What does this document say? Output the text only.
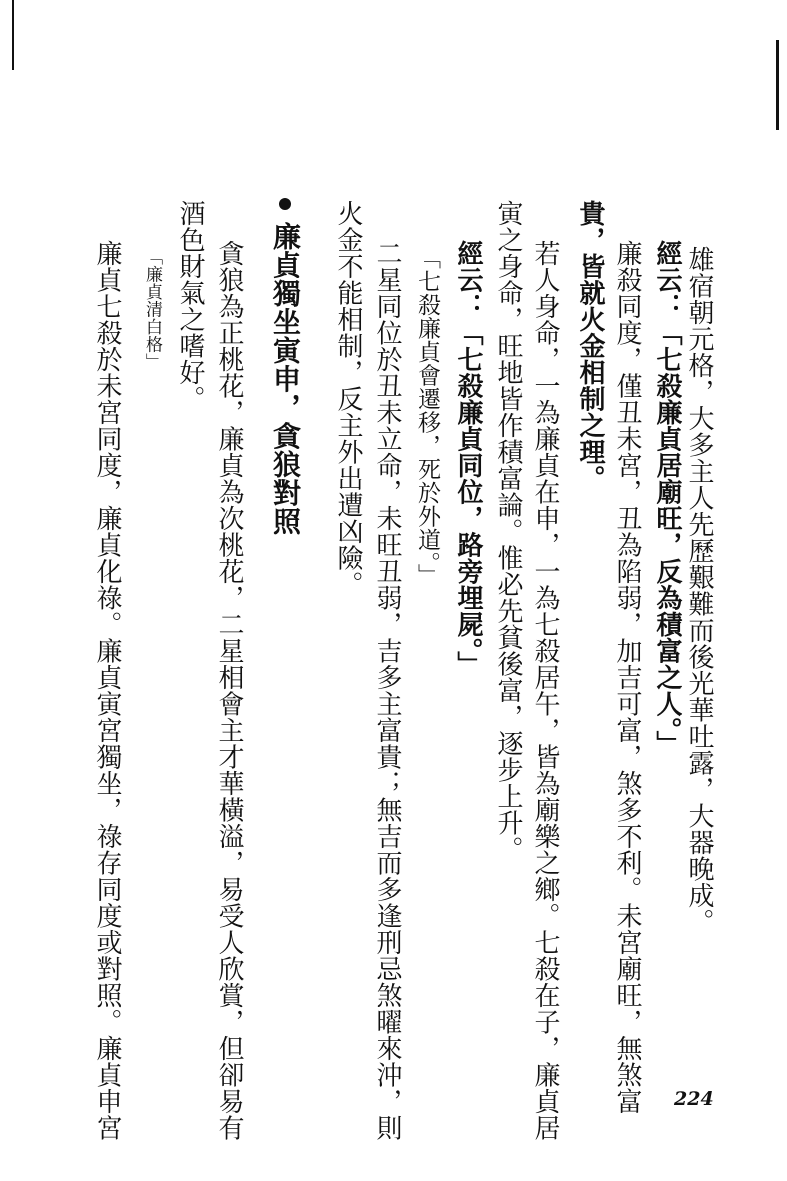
雄宿朝元格，大多主人先歷艱難而後光華吐露，大器晚成。
經云：「七殺廉貞居廟旺，反為積富之人。」
廉殺同度，僅丑未宮，丑為陷弱，加吉可富，煞多不利。未宮廟旺，無煞富
貴，皆就火金相制之理。
若人身命，一為廉貞在申，一為七殺居午，皆為廟樂之鄉。七殺在子，廉貞居
寅之身命，旺地皆作積富論。惟必先貧後富，逐步上升。
經云：「七殺廉貞同位，路旁埋屍。」
「七殺廉貞會遷移，死於外道。」
二星同位於丑未立命，未旺丑弱，吉多主富貴；無吉而多逢刑忌煞曜來沖，則
火金不能相制，反主外出遭凶險。
廉貞獨坐寅申，貪狼對照
貪狼為正桃花，廉貞為次桃花，二星相會主才華橫溢，易受人欣賞，但卻易有
酒色財氣之嗜好。
「廉貞清白格」
廉貞七殺於未宮同度，廉貞化祿。廉貞寅宮獨坐，祿存同度或對照。廉貞申宮	224
